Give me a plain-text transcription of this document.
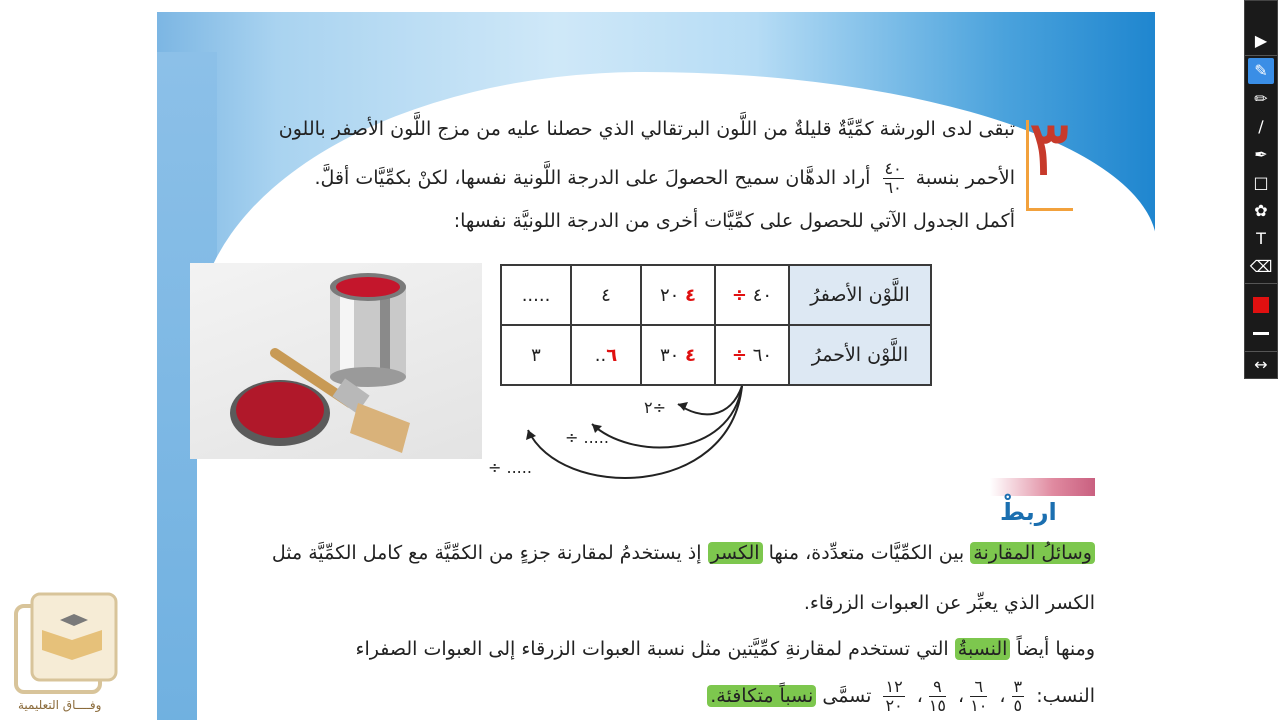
٣
تبقى لدى الورشة كمِّيَّةٌ قليلةٌ من اللَّون البرتقالي الذي حصلنا عليه من مزج اللَّون الأصفر باللون
الأحمر بنسبة
$\frac{٤٠}{٦٠}$
أراد الدهَّان سميح الحصولَ على الدرجة اللَّونية نفسها، لكنْ بكمِّيَّات أقلَّ.
أكمل الجدول الآتي للحصول على كمِّيَّات أخرى من الدرجة اللونيَّة نفسها:
اللَّوْن الأصفرُ	٤٠ ÷	٤ ٢٠	٤	.....
اللَّوْن الأحمرُ	٦٠ ÷	٤ ٣٠	٦..	٣
÷٢
..... ÷
..... ÷
اربطْ
وسائلُ المقارنة بين الكمِّيَّات متعدِّدة، منها الكسر إذ يستخدمُ لمقارنة جزءٍ من الكمِّيَّة مع كامل الكمِّيَّة مثل
الكسر الذي يعبِّر عن العبوات الزرقاء.
ومنها أيضاً النسبةُ التي تستخدم لمقارنةِ كمِّيَّتين مثل نسبة العبوات الزرقاء إلى العبوات الصفراء
النسب:
$\frac{٣}{٥}$
،
$\frac{٦}{١٠}$
،
$\frac{٩}{١٥}$
،
$\frac{١٢}{٢٠}$
تسمَّى نسباً متكافئة.
وفــــاق التعليمية
▶
✎
✏
∕
✒
□
✿
T
⌫
↔
